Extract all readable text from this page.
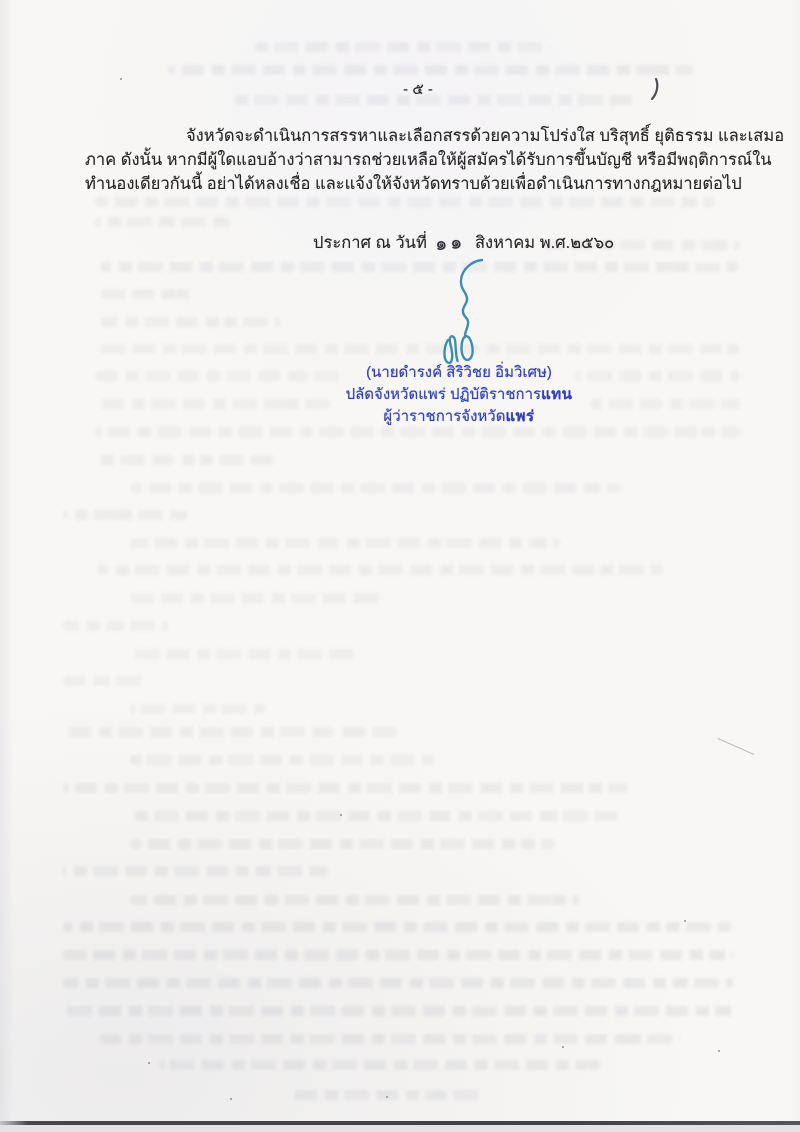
- ๕ -
จังหวัดจะดำเนินการสรรหาและเลือกสรรด้วยความโปร่งใส บริสุทธิ์ ยุติธรรม และเสมอ
ภาค ดังนั้น หากมีผู้ใดแอบอ้างว่าสามารถช่วยเหลือให้ผู้สมัครได้รับการขึ้นบัญชี หรือมีพฤติการณ์ใน
ทำนองเดียวกันนี้ อย่าได้หลงเชื่อ และแจ้งให้จังหวัดทราบด้วยเพื่อดำเนินการทางกฎหมายต่อไป
ประกาศ ณ วันที่ ๑๑ สิงหาคม พ.ศ.๒๕๖๐
(นายดำรงค์ สิริวิชย อิ่มวิเศษ)
ปลัดจังหวัดแพร่ ปฏิบัติราชการแทน
ผู้ว่าราชการจังหวัดแพร่
